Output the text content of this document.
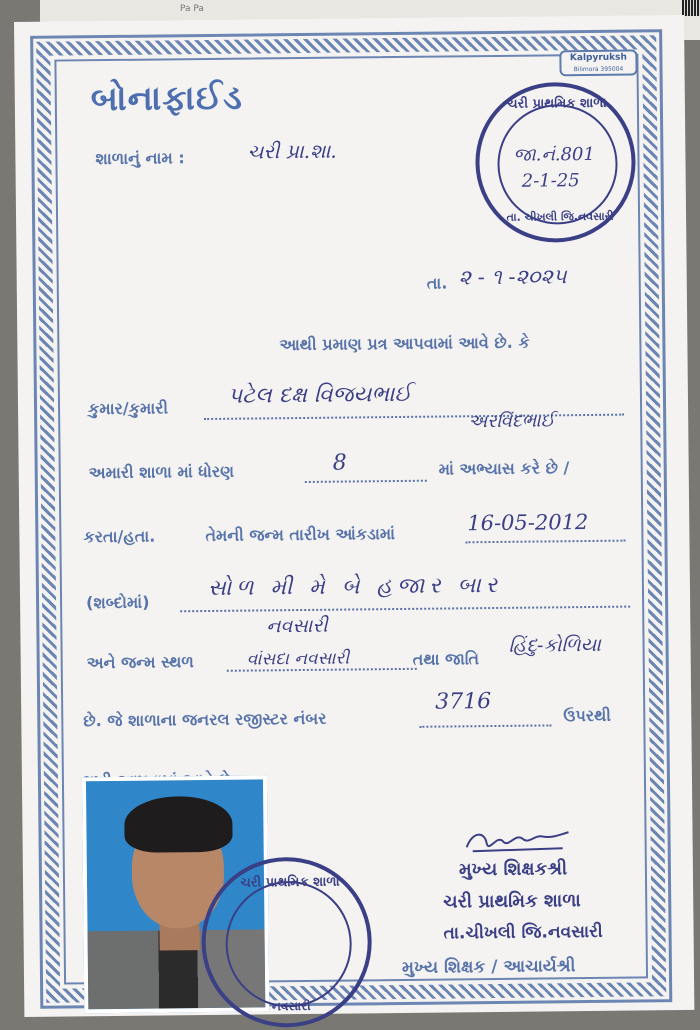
Pa Pa
Kalpyruksh
Bilimora 395004
બોનાફાઈડ
શાળાનું નામ :	ચરી પ્રા.શા.
ચરી પ્રાથમિક શાળા
જા.નં.801
2-1-25
તા. ચીખલી જિ.નવસારી
તા. ૨ - ૧ -૨૦૨૫
આથી પ્રમાણ પ્રત્ર આપવામાં આવે છે. કે
કુમાર/કુમારી	પટેલ દક્ષ વિજયભાઈ
અરવિંદભાઈ
અમારી શાળા માં ધોરણ	8	માં અભ્યાસ કરે છે /
કરતા/હતા.	તેમની જન્મ તારીખ આંકડામાં	16-05-2012
(શબ્દોમાં)
સોળ મી મે બે હજાર બાર
અને જન્મ સ્થળ
નવસારી
વાંસદા નવસારી	તથા જાતિ
હિંદુ-કોળિયા
છે. જે શાળાના જનરલ રજીસ્ટર નંબર
3716
ઉપરથી
ચરી પ્રાથમિક શાળા
નવસારી
મુખ્ય શિક્ષકશ્રી
ચરી પ્રાથમિક શાળા
તા.ચીખલી જિ.નવસારી
મુખ્ય શિક્ષક / આચાર્યશ્રી
